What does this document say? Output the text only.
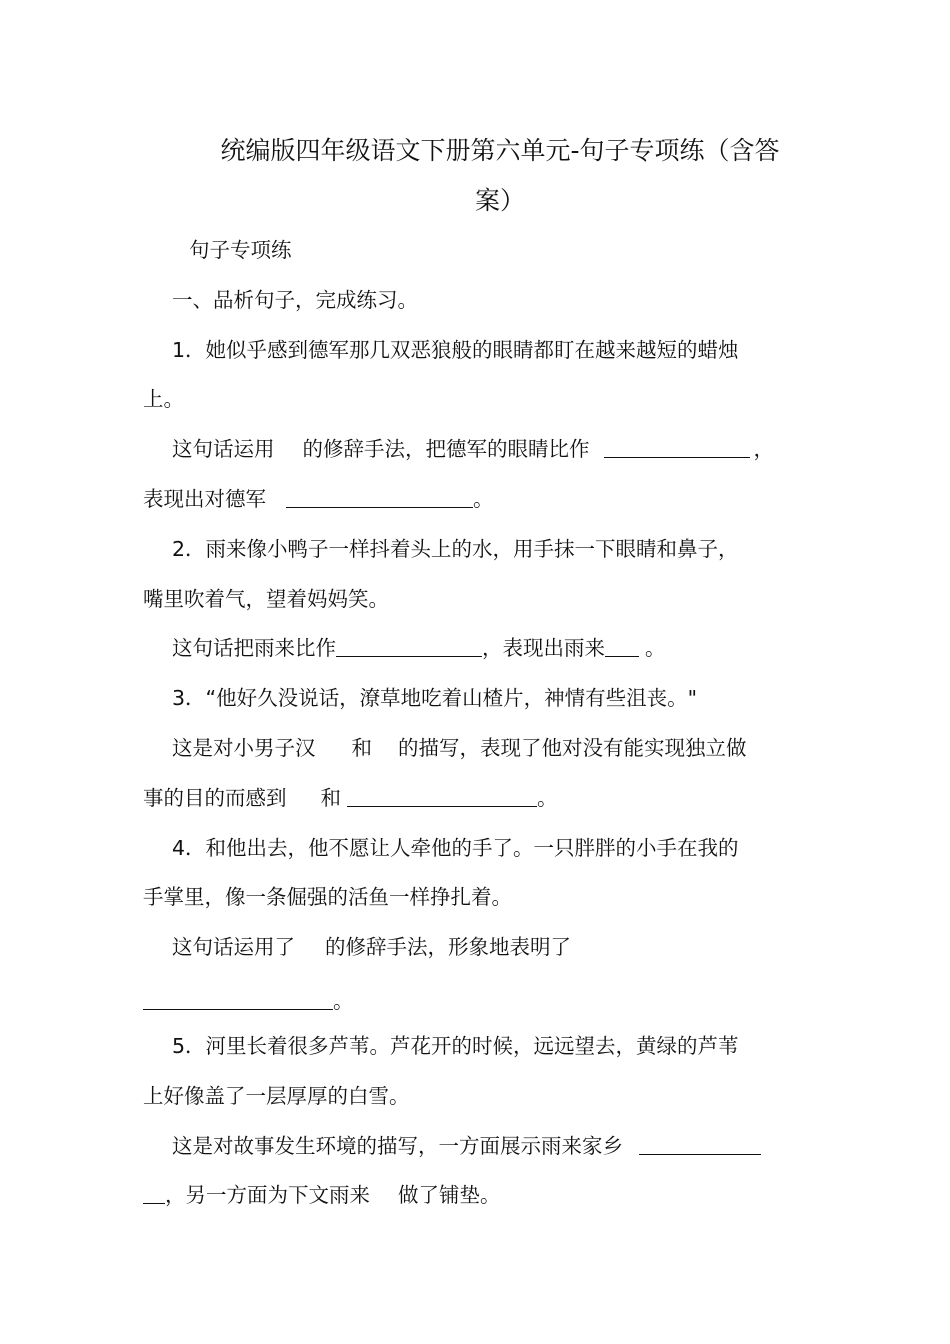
统编版四年级语文下册第六单元-句子专项练（含答
案）
句子专项练
一、品析句子，完成练习。
1．她似乎感到德军那几双恶狼般的眼睛都盯在越来越短的蜡烛
上。
这句话运用 的修辞手法，把德军的眼睛比作	，
表现出对德军	。
2．雨来像小鸭子一样抖着头上的水，用手抹一下眼睛和鼻子，
嘴里吹着气，望着妈妈笑。
这句话把雨来比作	，表现出雨来 。
3．“他好久没说话，潦草地吃着山楂片，神情有些沮丧。"
这是对小男子汉 和 的描写，表现了他对没有能实现独立做
事的目的而感到 和	。
4．和他出去，他不愿让人牵他的手了。一只胖胖的小手在我的
手掌里，像一条倔强的活鱼一样挣扎着。
这句话运用了 的修辞手法，形象地表明了
。
5．河里长着很多芦苇。芦花开的时候，远远望去，黄绿的芦苇
上好像盖了一层厚厚的白雪。
这是对故事发生环境的描写，一方面展示雨来家乡
，另一方面为下文雨来 做了铺垫。
